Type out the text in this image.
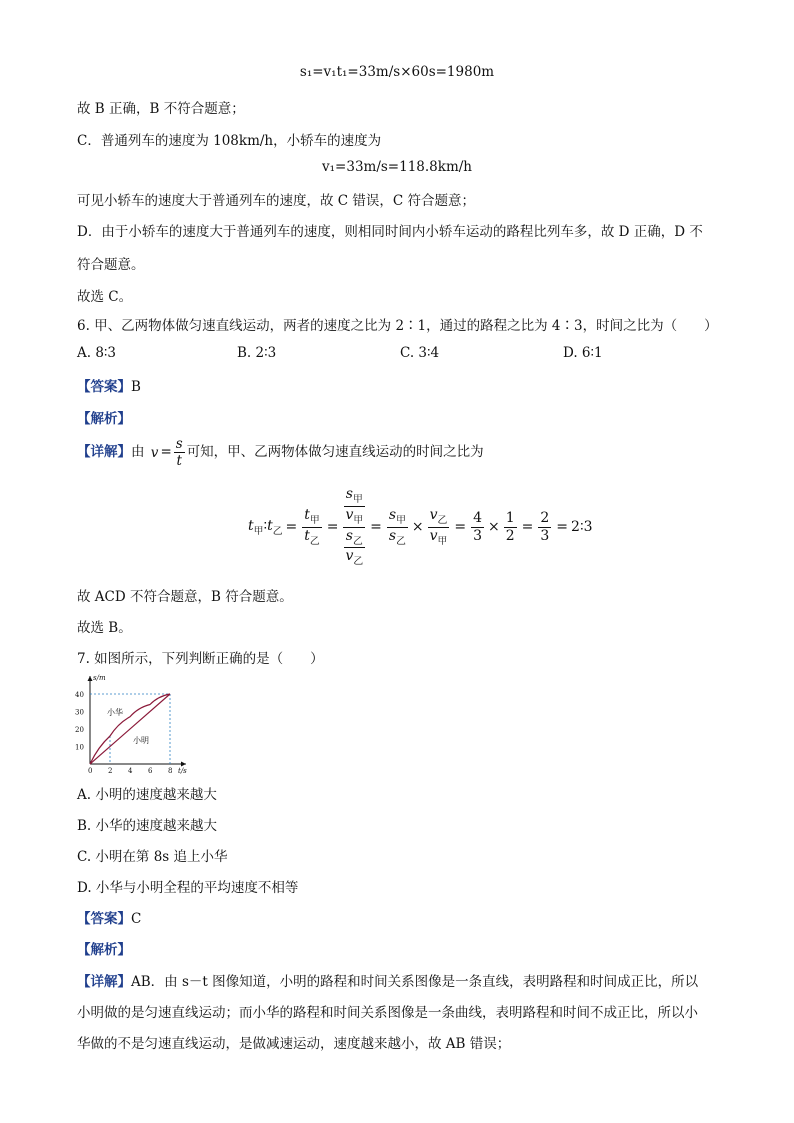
s₁=v₁t₁=33m/s×60s=1980m
故 B 正确，B 不符合题意；
C．普通列车的速度为 108km/h，小轿车的速度为
v₁=33m/s=118.8km/h
可见小轿车的速度大于普通列车的速度，故 C 错误，C 符合题意；
D．由于小轿车的速度大于普通列车的速度，则相同时间内小轿车运动的路程比列车多，故 D 正确，D 不
符合题意。
故选 C。
6. 甲、乙两物体做匀速直线运动，两者的速度之比为 2∶1，通过的路程之比为 4∶3，时间之比为（　　）
A. 8∶3	B. 2∶3	C. 3∶4	D. 6∶1
【答案】B
【解析】
【详解】由 $v = \frac{s}{t}$ 可知，甲、乙两物体做匀速直线运动的时间之比为
$t_甲∶t_乙 = \frac{t_甲}{t_乙} = \frac{s_甲}{v_甲}$
$\frac{s_乙}{v_乙}$
= $\frac{s_甲}{s_乙} \times \frac{v_乙}{v_甲} = \frac{4}{3} \times \frac{1}{2} = \frac{2}{3}$ = 2∶3
故 ACD 不符合题意，B 符合题意。
故选 B。
7. 如图所示，下列判断正确的是（　　）
s/m
t/s
0 2 4 6 8
10
20
30
40
小华
小明
A. 小明的速度越来越大
B. 小华的速度越来越大
C. 小明在第 8s 追上小华
D. 小华与小明全程的平均速度不相等
【答案】C
【解析】
【详解】AB．由 s－t 图像知道，小明的路程和时间关系图像是一条直线，表明路程和时间成正比，所以
小明做的是匀速直线运动；而小华的路程和时间关系图像是一条曲线，表明路程和时间不成正比，所以小
华做的不是匀速直线运动，是做减速运动，速度越来越小，故 AB 错误；
